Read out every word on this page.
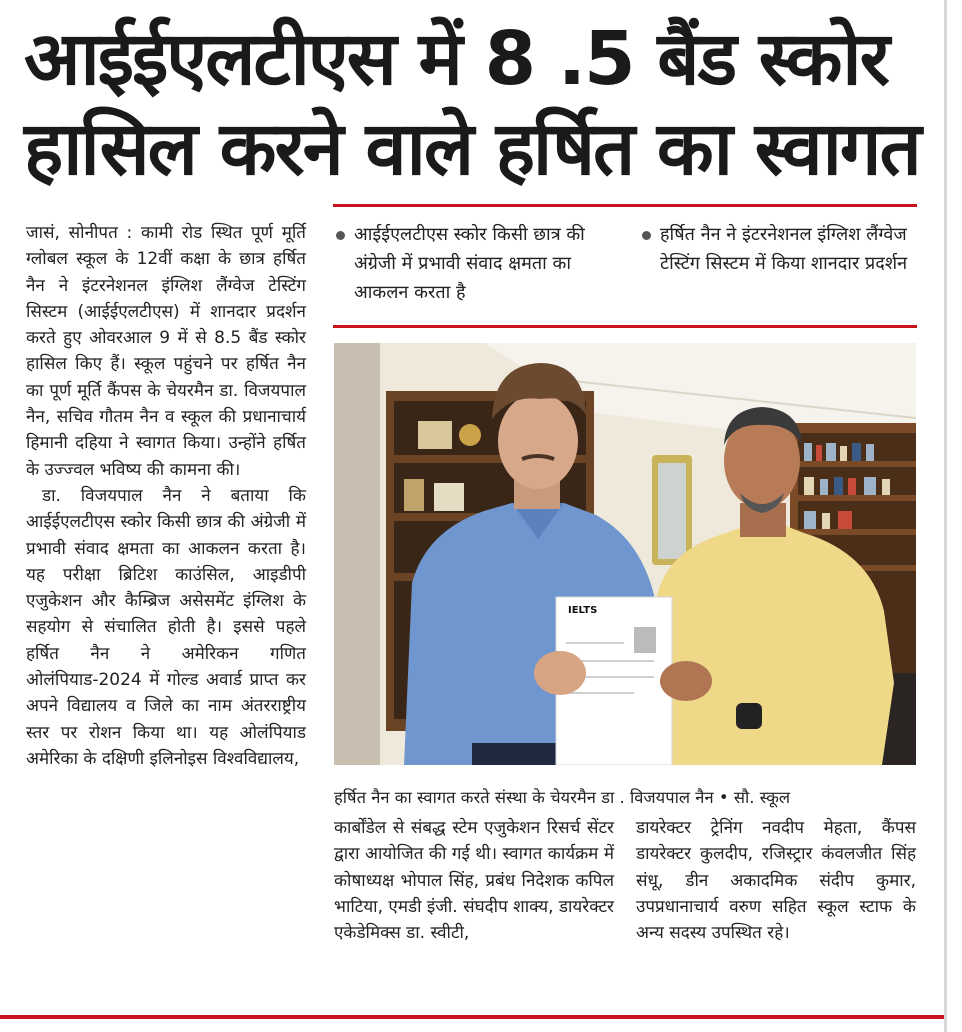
आईईएलटीएस में 8 .5 बैंड स्कोर
हासिल करने वाले हर्षित का स्वागत
आईईएलटीएस स्कोर किसी छात्र की अंग्रेजी में प्रभावी संवाद क्षमता का आकलन करता है
हर्षित नैन ने इंटरनेशनल इंग्लिश लैंग्वेज टेस्टिंग सिस्टम में किया शानदार प्रदर्शन

जासं, सोनीपत : कामी रोड स्थित पूर्ण मूर्ति ग्लोबल स्कूल के 12वीं कक्षा के छात्र हर्षित नैन ने इंटरनेशनल इंग्लिश लैंग्वेज टेस्टिंग सिस्टम (आईईएलटीएस) में शानदार प्रदर्शन करते हुए ओवरआल 9 में से 8.5 बैंड स्कोर हासिल किए हैं। स्कूल पहुंचने पर हर्षित नैन का पूर्ण मूर्ति कैंपस के चेयरमैन डा. विजयपाल नैन, सचिव गौतम नैन व स्कूल की प्रधानाचार्य हिमानी दहिया ने स्वागत किया। उन्होंने हर्षित के उज्ज्वल भविष्य की कामना की।

डा. विजयपाल नैन ने बताया कि आईईएलटीएस स्कोर किसी छात्र की अंग्रेजी में प्रभावी संवाद क्षमता का आकलन करता है। यह परीक्षा ब्रिटिश काउंसिल, आइडीपी एजुकेशन और कैम्ब्रिज असेसमेंट इंग्लिश के सहयोग से संचालित होती है। इससे पहले हर्षित नैन ने अमेरिकन गणित ओलंपियाड-2024 में गोल्ड अवार्ड प्राप्त कर अपने विद्यालय व जिले का नाम अंतरराष्ट्रीय स्तर पर रोशन किया था। यह ओलंपियाड अमेरिका के दक्षिणी इलिनोइस विश्वविद्यालय,

IELTS
हर्षित नैन का स्वागत करते संस्था के चेयरमैन डा . विजयपाल नैन • सौ. स्कूल

कार्बोंडेल से संबद्ध स्टेम एजुकेशन रिसर्च सेंटर द्वारा आयोजित की गई थी। स्वागत कार्यक्रम में कोषाध्यक्ष भोपाल सिंह, प्रबंध निदेशक कपिल भाटिया, एमडी इंजी. संघदीप शाक्य, डायरेक्टर एकेडेमिक्स डा. स्वीटी,

डायरेक्टर ट्रेनिंग नवदीप मेहता, कैंपस डायरेक्टर कुलदीप, रजिस्ट्रार कंवलजीत सिंह संधू, डीन अकादमिक संदीप कुमार, उपप्रधानाचार्य वरुण सहित स्कूल स्टाफ के अन्य सदस्य उपस्थित रहे।
